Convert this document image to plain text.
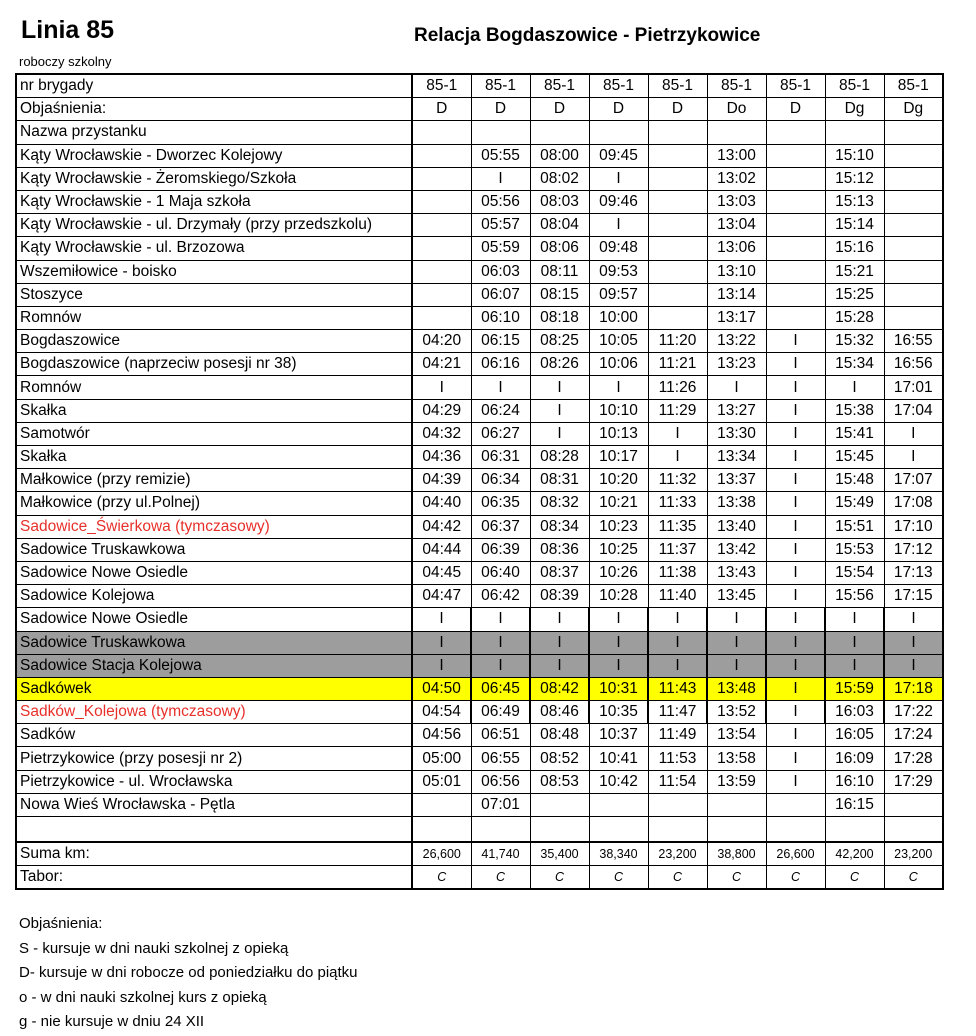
Linia 85	Relacja Bogdaszowice - Pietrzykowice
roboczy szkolny
nr brygady	85-1	85-1	85-1	85-1	85-1	85-1	85-1	85-1	85-1
Objaśnienia:	D	D	D	D	D	Do	D	Dg	Dg
Nazwa przystanku									
Kąty Wrocławskie - Dworzec Kolejowy		05:55	08:00	09:45		13:00		15:10	
Kąty Wrocławskie - Żeromskiego/Szkoła		I	08:02	I		13:02		15:12	
Kąty Wrocławskie - 1 Maja szkoła		05:56	08:03	09:46		13:03		15:13	
Kąty Wrocławskie - ul. Drzymały (przy przedszkolu)		05:57	08:04	I		13:04		15:14	
Kąty Wrocławskie - ul. Brzozowa		05:59	08:06	09:48		13:06		15:16	
Wszemiłowice - boisko		06:03	08:11	09:53		13:10		15:21	
Stoszyce		06:07	08:15	09:57		13:14		15:25	
Romnów		06:10	08:18	10:00		13:17		15:28	
Bogdaszowice	04:20	06:15	08:25	10:05	11:20	13:22	I	15:32	16:55
Bogdaszowice (naprzeciw posesji nr 38)	04:21	06:16	08:26	10:06	11:21	13:23	I	15:34	16:56
Romnów	I	I	I	I	11:26	I	I	I	17:01
Skałka	04:29	06:24	I	10:10	11:29	13:27	I	15:38	17:04
Samotwór	04:32	06:27	I	10:13	I	13:30	I	15:41	I
Skałka	04:36	06:31	08:28	10:17	I	13:34	I	15:45	I
Małkowice (przy remizie)	04:39	06:34	08:31	10:20	11:32	13:37	I	15:48	17:07
Małkowice (przy ul.Polnej)	04:40	06:35	08:32	10:21	11:33	13:38	I	15:49	17:08
Sadowice_Świerkowa (tymczasowy)	04:42	06:37	08:34	10:23	11:35	13:40	I	15:51	17:10
Sadowice Truskawkowa	04:44	06:39	08:36	10:25	11:37	13:42	I	15:53	17:12
Sadowice Nowe Osiedle	04:45	06:40	08:37	10:26	11:38	13:43	I	15:54	17:13
Sadowice Kolejowa	04:47	06:42	08:39	10:28	11:40	13:45	I	15:56	17:15
Sadowice Nowe Osiedle	I	I	I	I	I	I	I	I	I
Sadowice Truskawkowa	I	I	I	I	I	I	I	I	I
Sadowice Stacja Kolejowa	I	I	I	I	I	I	I	I	I
Sadkówek	04:50	06:45	08:42	10:31	11:43	13:48	I	15:59	17:18
Sadków_Kolejowa (tymczasowy)	04:54	06:49	08:46	10:35	11:47	13:52	I	16:03	17:22
Sadków	04:56	06:51	08:48	10:37	11:49	13:54	I	16:05	17:24
Pietrzykowice (przy posesji nr 2)	05:00	06:55	08:52	10:41	11:53	13:58	I	16:09	17:28
Pietrzykowice - ul. Wrocławska	05:01	06:56	08:53	10:42	11:54	13:59	I	16:10	17:29
Nowa Wieś Wrocławska - Pętla		07:01						16:15	

Suma km:	26,600	41,740	35,400	38,340	23,200	38,800	26,600	42,200	23,200
Tabor:	C	C	C	C	C	C	C	C	C
Objaśnienia:
S - kursuje w dni nauki szkolnej z opieką
D- kursuje w dni robocze od poniedziałku do piątku
o - w dni nauki szkolnej kurs z opieką
g - nie kursuje w dniu 24 XII
